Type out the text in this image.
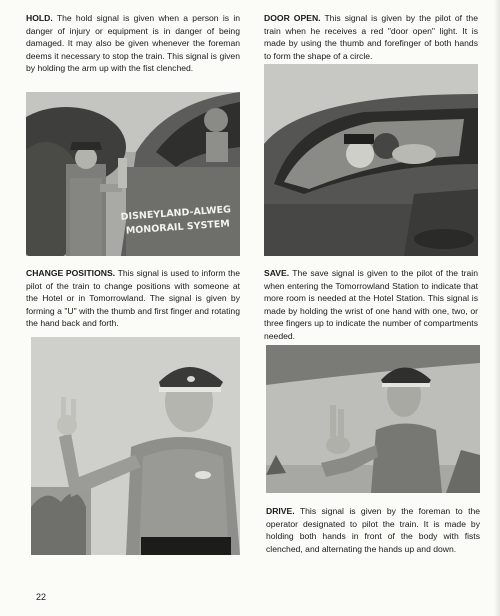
HOLD. The hold signal is given when a person is in danger of injury or equipment is in danger of being damaged. It may also be given whenever the foreman deems it necessary to stop the train. This signal is given by holding the arm up with the fist clenched.
DOOR OPEN. This signal is given by the pilot of the train when he receives a red "door open" light. It is made by using the thumb and forefinger of both hands to form the shape of a circle.
DISNEYLAND-ALWEG
MONORAIL SYSTEM
CHANGE POSITIONS. This signal is used to inform the pilot of the train to change positions with someone at the Hotel or in Tomorrowland. The signal is given by forming a "U" with the thumb and first finger and rotating the hand back and forth.
SAVE. The save signal is given to the pilot of the train when entering the Tomorrowland Station to indicate that more room is needed at the Hotel Station. This signal is made by holding the wrist of one hand with one, two, or three fingers up to indicate the number of compartments needed.
DRIVE. This signal is given by the foreman to the operator designated to pilot the train. It is made by holding both hands in front of the body with fists clenched, and alternating the hands up and down.
22
